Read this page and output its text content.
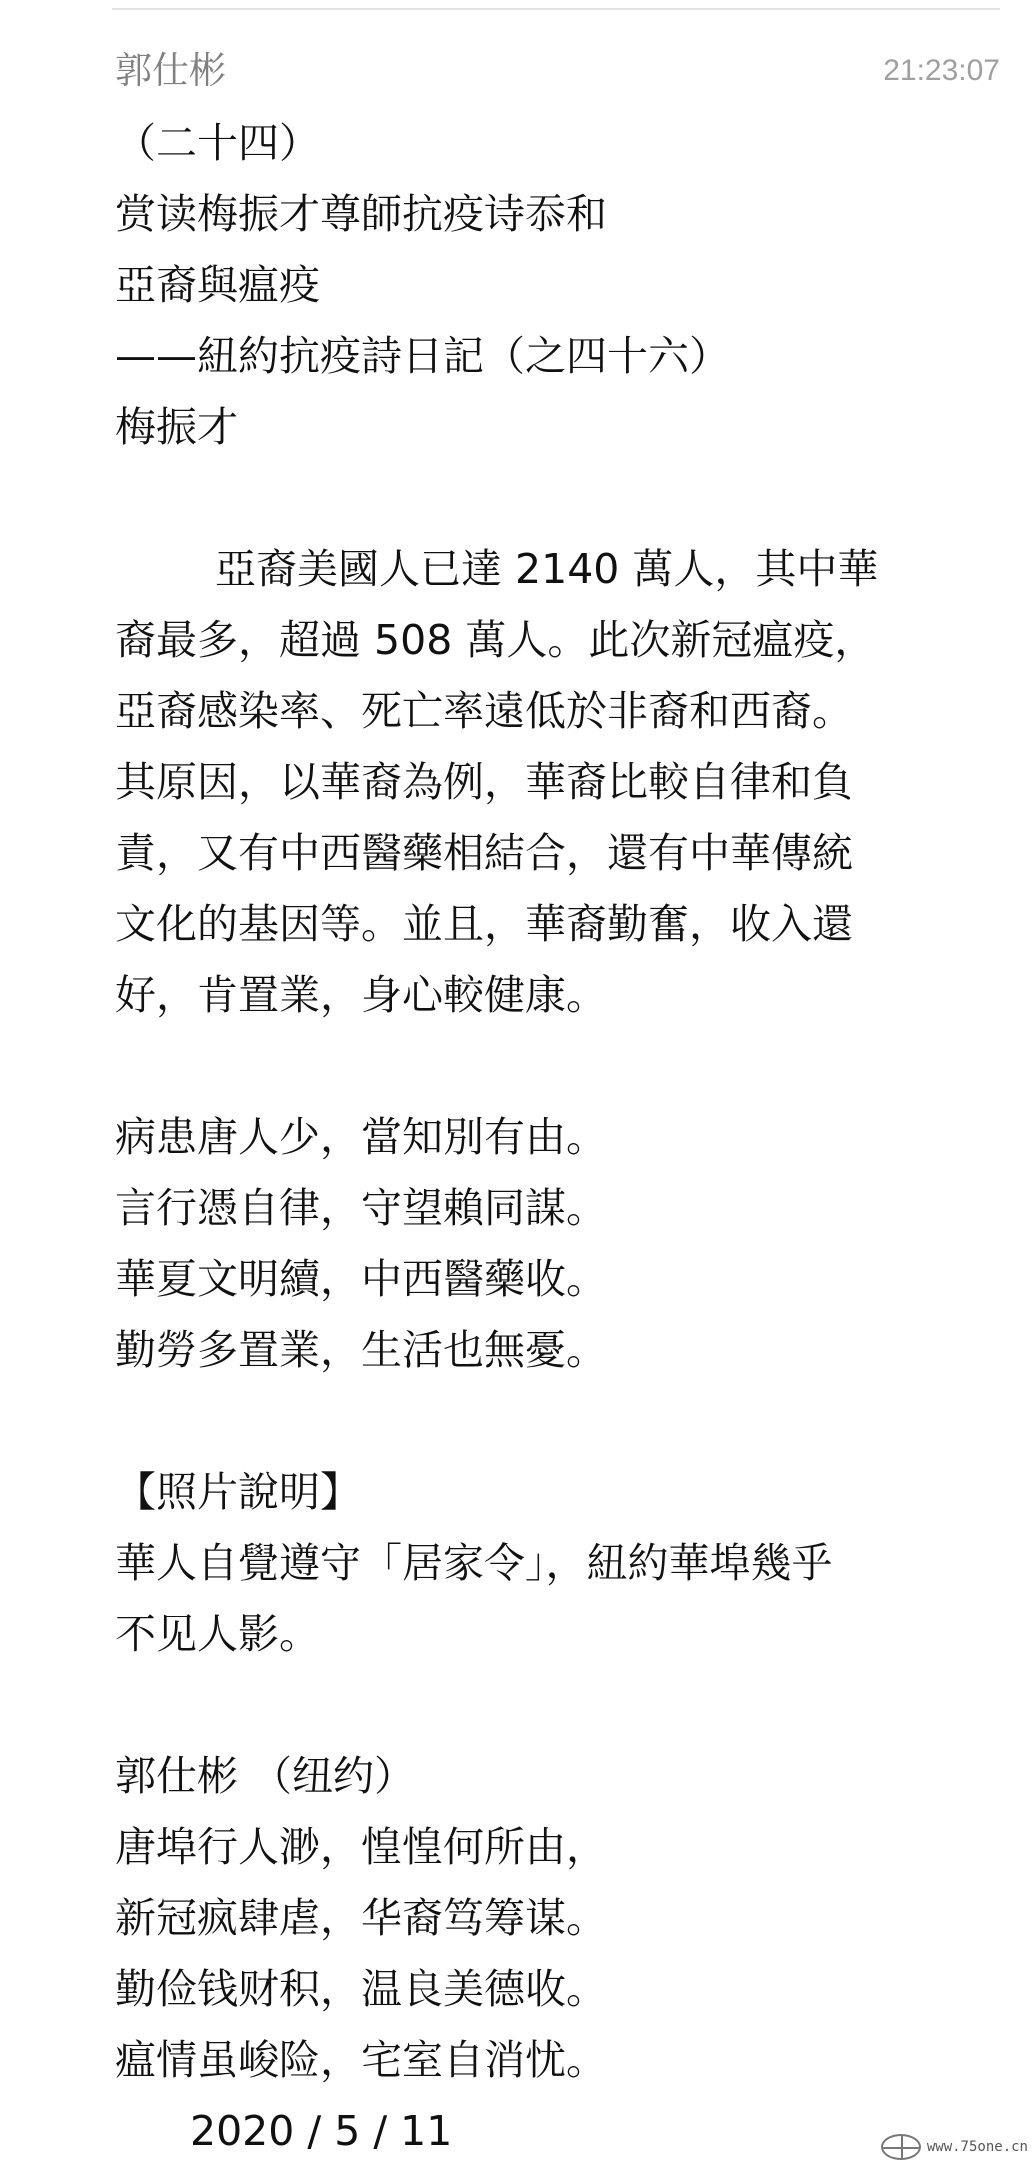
郭仕彬	21:23:07
（二十四）
赏读梅振才尊師抗疫诗忝和
亞裔與瘟疫
——紐約抗疫詩日記（之四十六）
梅振才
亞裔美國人已達 2140 萬人，其中華
裔最多，超過 508 萬人。此次新冠瘟疫，
亞裔感染率、死亡率遠低於非裔和西裔。
其原因，以華裔為例，華裔比較自律和負
責，又有中西醫藥相結合，還有中華傳統
文化的基因等。並且，華裔勤奮，收入還
好，肯置業，身心較健康。
病患唐人少，當知別有由。
言行憑自律，守望賴同謀。
華夏文明續，中西醫藥收。
勤勞多置業，生活也無憂。
【照片說明】
華人自覺遵守「居家令」，紐約華埠幾乎
不见人影。
郭仕彬 （纽约）
唐埠行人渺，惶惶何所由，
新冠疯肆虐，华裔笃筹谋。
勤俭钱财积，温良美德收。
瘟情虽峻险，宅室自消忧。
2020 / 5 / 11	www.75one.cn
